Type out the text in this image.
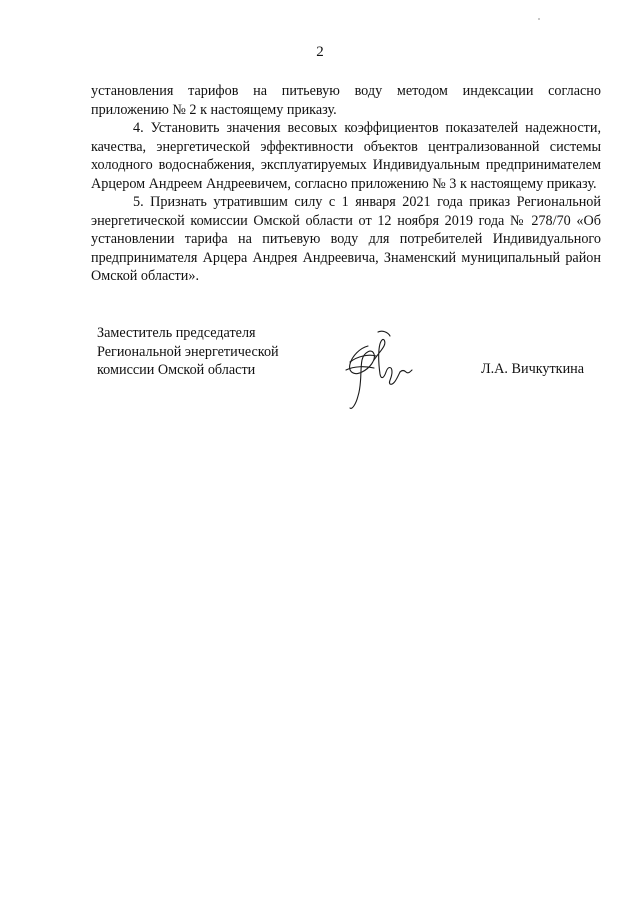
2

установления тарифов на питьевую воду методом индексации согласно приложению № 2 к настоящему приказу.

4. Установить значения весовых коэффициентов показателей надежности, качества, энергетической эффективности объектов централизованной системы холодного водоснабжения, эксплуатируемых Индивидуальным предпринимателем Арцером Андреем Андреевичем, согласно приложению № 3 к настоящему приказу.

5. Признать утратившим силу с 1 января 2021 года приказ Региональной энергетической комиссии Омской области от 12 ноября 2019 года № 278/70 «Об установлении тарифа на питьевую воду для потребителей Индивидуального предпринимателя Арцера Андрея Андреевича, Знаменский муниципальный район Омской области».

Заместитель председателя
Региональной энергетической
комиссии Омской области	Л.А. Вичкуткина
